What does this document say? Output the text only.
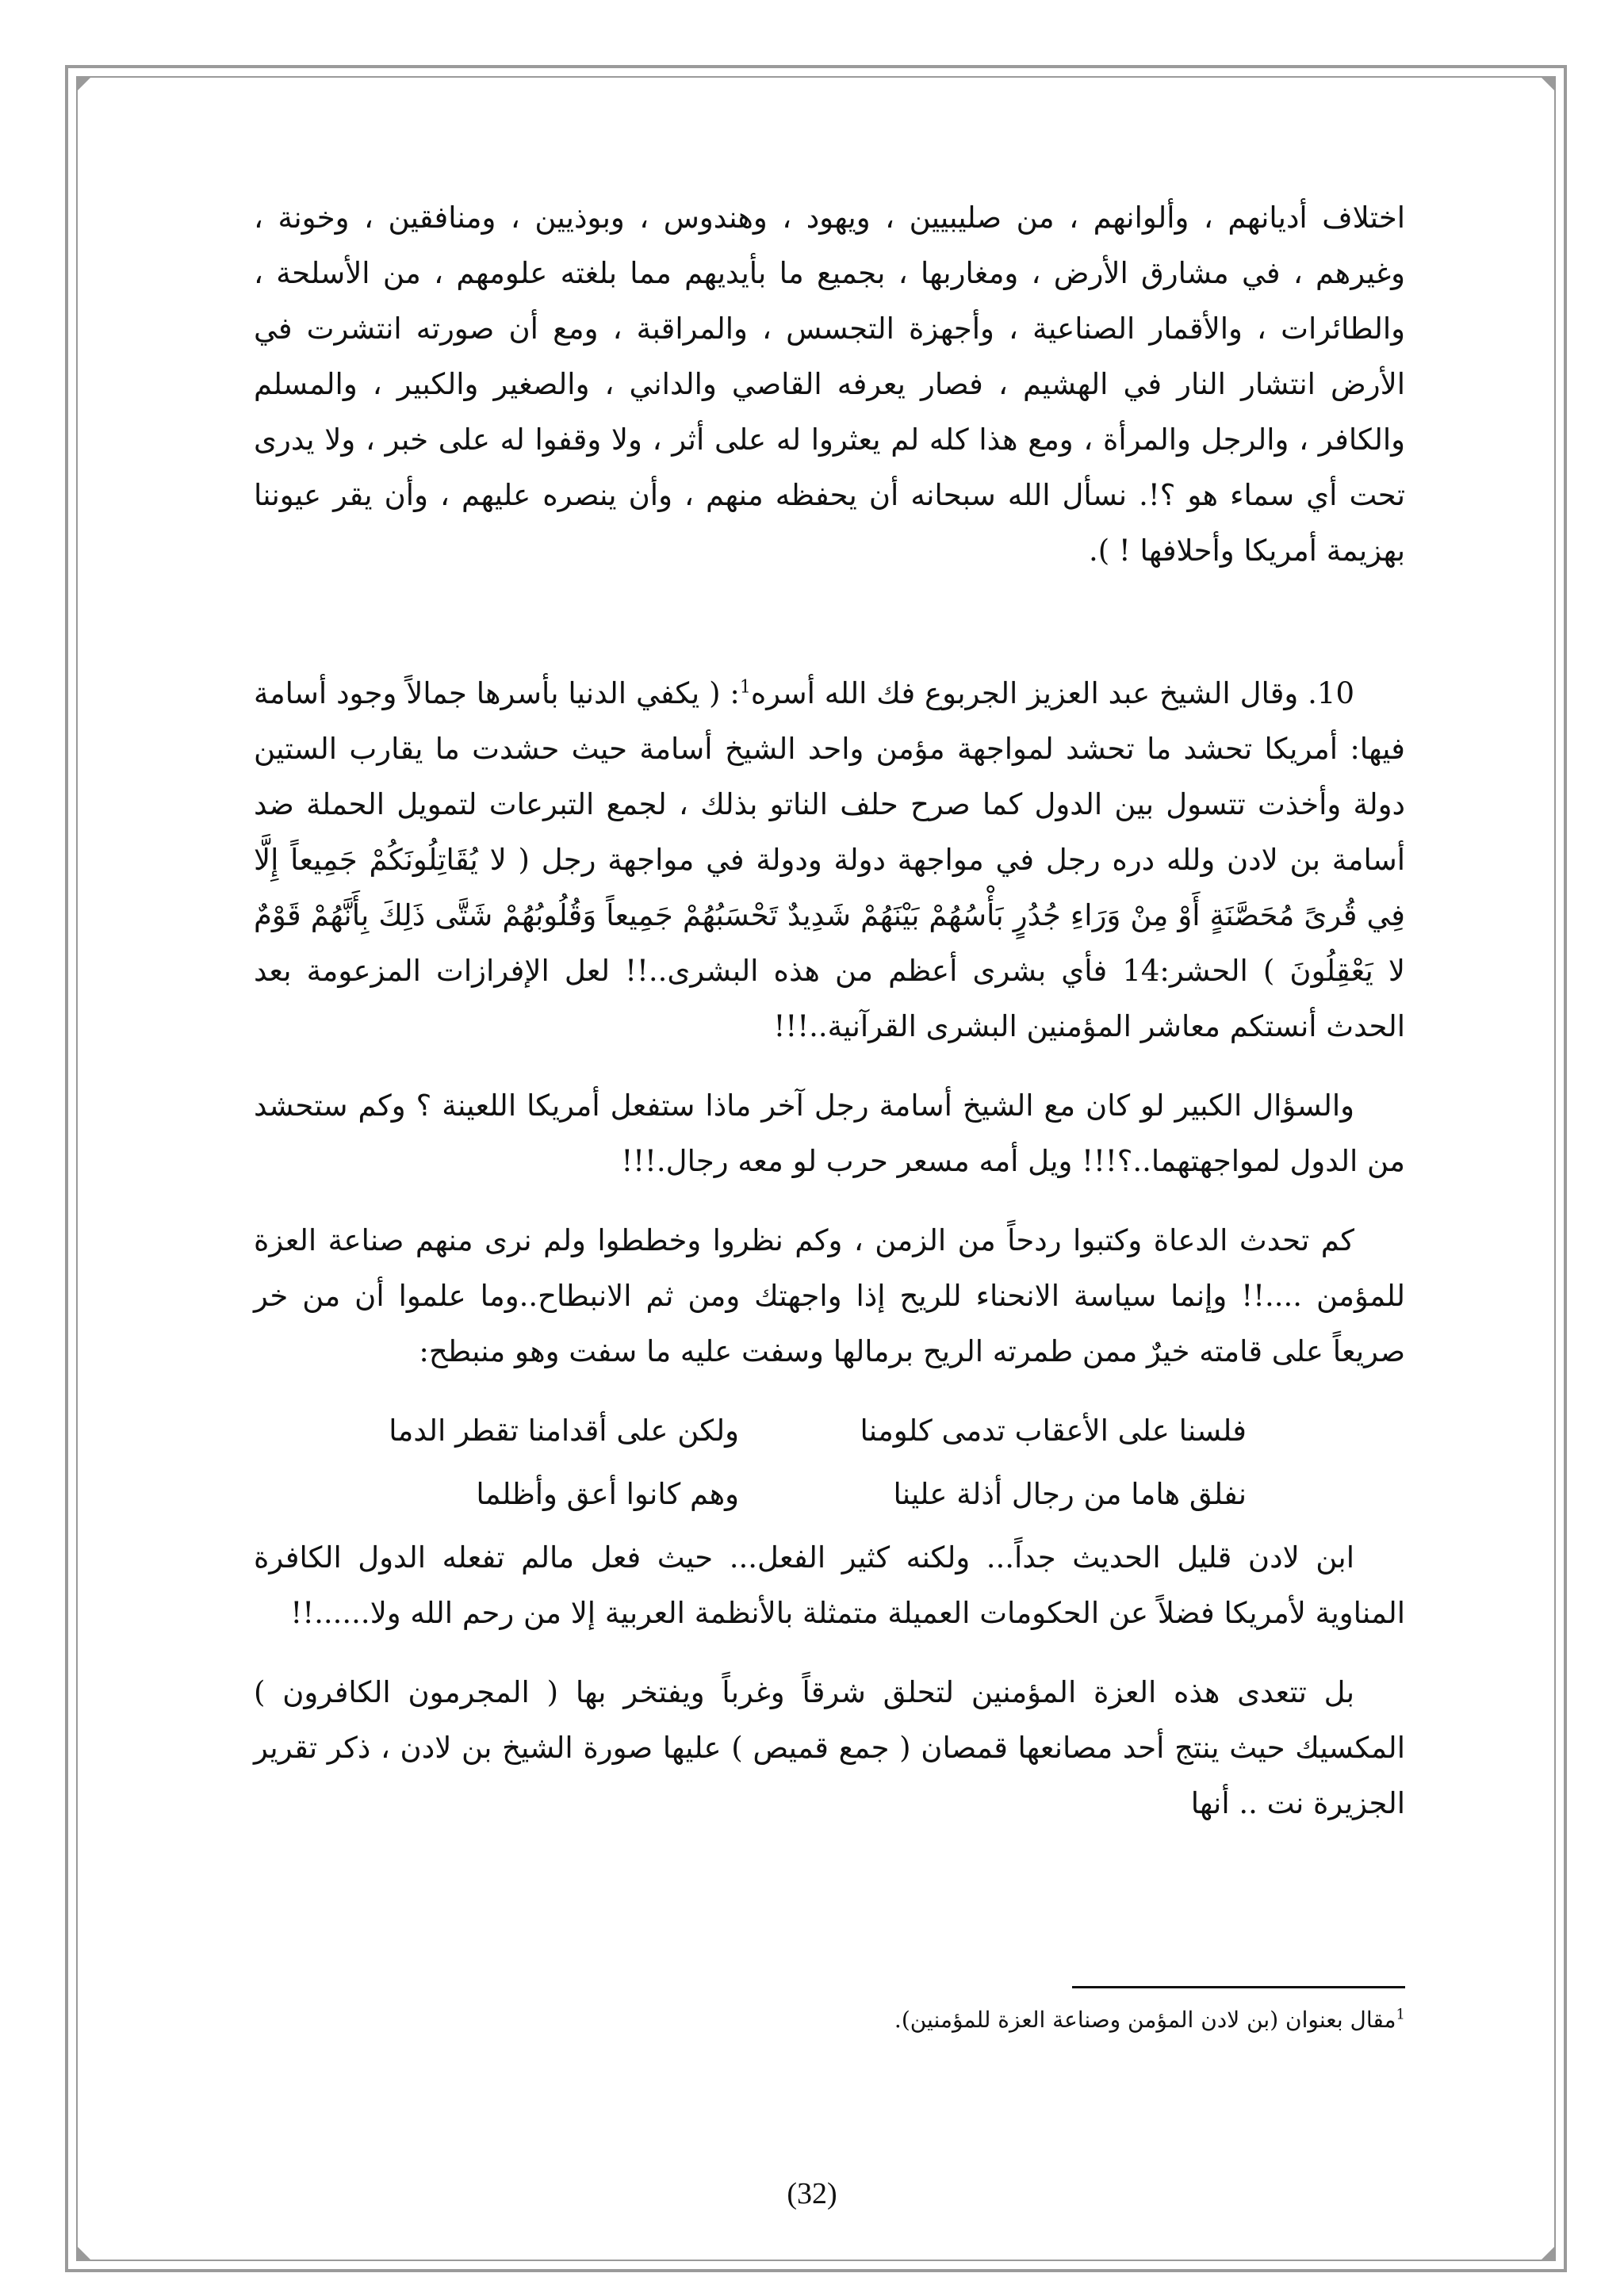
اختلاف أديانهم ، وألوانهم ، من صليبيين ، ويهود ، وهندوس ، وبوذيين ، ومنافقين ، وخونة ، وغيرهم ، في مشارق الأرض ، ومغاربها ، بجميع ما بأيديهم مما بلغته علومهم ، من الأسلحة ، والطائرات ، والأقمار الصناعية ، وأجهزة التجسس ، والمراقبة ، ومع أن صورته انتشرت في الأرض انتشار النار في الهشيم ، فصار يعرفه القاصي والداني ، والصغير والكبير ، والمسلم والكافر ، والرجل والمرأة ، ومع هذا كله لم يعثروا له على أثر ، ولا وقفوا له على خبر ، ولا يدرى تحت أي سماء هو ؟!. نسأل الله سبحانه أن يحفظه منهم ، وأن ينصره عليهم ، وأن يقر عيوننا بهزيمة أمريكا وأحلافها ! ).

10. وقال الشيخ عبد العزيز الجربوع فك الله أسره$^1$: ( يكفي الدنيا بأسرها جمالاً وجود أسامة فيها: أمريكا تحشد ما تحشد لمواجهة مؤمن واحد الشيخ أسامة حيث حشدت ما يقارب الستين دولة وأخذت تتسول بين الدول كما صرح حلف الناتو بذلك ، لجمع التبرعات لتمويل الحملة ضد أسامة بن لادن ولله دره رجل في مواجهة دولة ودولة في مواجهة رجل ( لا يُقَاتِلُونَكُمْ جَمِيعاً إِلَّا فِي قُرىً مُحَصَّنَةٍ أَوْ مِنْ وَرَاءِ جُدُرٍ بَأْسُهُمْ بَيْنَهُمْ شَدِيدٌ تَحْسَبُهُمْ جَمِيعاً وَقُلُوبُهُمْ شَتَّى ذَلِكَ بِأَنَّهُمْ قَوْمٌ لا يَعْقِلُونَ ) الحشر:14 فأي بشرى أعظم من هذه البشرى..!! لعل الإفرازات المزعومة بعد الحدث أنستكم معاشر المؤمنين البشرى القرآنية..!!!

والسؤال الكبير لو كان مع الشيخ أسامة رجل آخر ماذا ستفعل أمريكا اللعينة ؟ وكم ستحشد من الدول لمواجهتهما..؟!!! ويل أمه مسعر حرب لو معه رجال.!!!

كم تحدث الدعاة وكتبوا ردحاً من الزمن ، وكم نظروا وخططوا ولم نرى منهم صناعة العزة للمؤمن ....!! وإنما سياسة الانحناء للريح إذا واجهتك ومن ثم الانبطاح..وما علموا أن من خر صريعاً على قامته خيرٌ ممن طمرته الريح برمالها وسفت عليه ما سفت وهو منبطح:

فلسنا على الأعقاب تدمى كلومنا
ولكن على أقدامنا تقطر الدما
نفلق هاما من رجال أذلة علينا
وهم كانوا أعق وأظلما

ابن لادن قليل الحديث جداً... ولكنه كثير الفعل... حيث فعل مالم تفعله الدول الكافرة المناوية لأمريكا فضلاً عن الحكومات العميلة متمثلة بالأنظمة العربية إلا من رحم الله ولا......!!

بل تتعدى هذه العزة المؤمنين لتحلق شرقاً وغرباً ويفتخر بها ( المجرمون الكافرون ) المكسيك حيث ينتج أحد مصانعها قمصان ( جمع قميص ) عليها صورة الشيخ بن لادن ، ذكر تقرير الجزيرة نت .. أنها

$^1$مقال بعنوان (بن لادن المؤمن وصناعة العزة للمؤمنين).
(32)
